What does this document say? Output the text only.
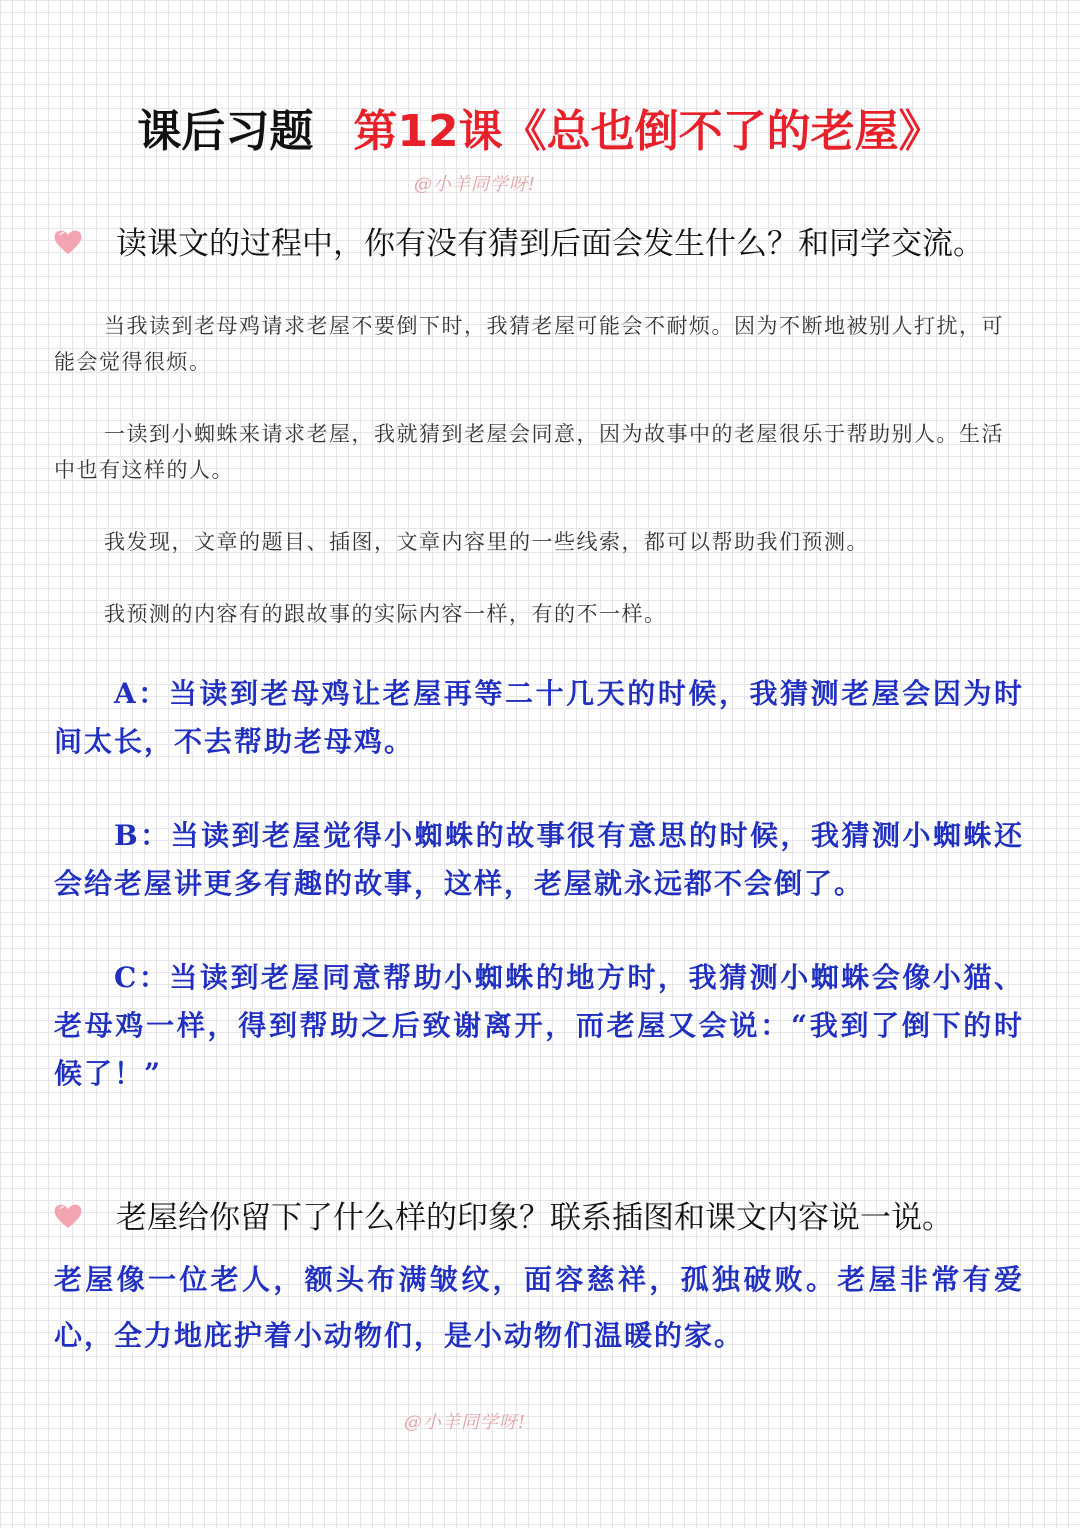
课后习题 第12课《总也倒不了的老屋》
@小羊同学呀!
读课文的过程中，你有没有猜到后面会发生什么？和同学交流。
当我读到老母鸡请求老屋不要倒下时，我猜老屋可能会不耐烦。因为不断地被别人打扰，可能会觉得很烦。
一读到小蜘蛛来请求老屋，我就猜到老屋会同意，因为故事中的老屋很乐于帮助别人。生活中也有这样的人。
我发现，文章的题目、插图，文章内容里的一些线索，都可以帮助我们预测。
我预测的内容有的跟故事的实际内容一样，有的不一样。
A：当读到老母鸡让老屋再等二十几天的时候，我猜测老屋会因为时间太长，不去帮助老母鸡。
B：当读到老屋觉得小蜘蛛的故事很有意思的时候，我猜测小蜘蛛还会给老屋讲更多有趣的故事，这样，老屋就永远都不会倒了。
C：当读到老屋同意帮助小蜘蛛的地方时，我猜测小蜘蛛会像小猫、老母鸡一样，得到帮助之后致谢离开，而老屋又会说：“我到了倒下的时候了！”
老屋给你留下了什么样的印象？联系插图和课文内容说一说。
老屋像一位老人，额头布满皱纹，面容慈祥，孤独破败。老屋非常有爱心，全力地庇护着小动物们，是小动物们温暖的家。
@小羊同学呀!
